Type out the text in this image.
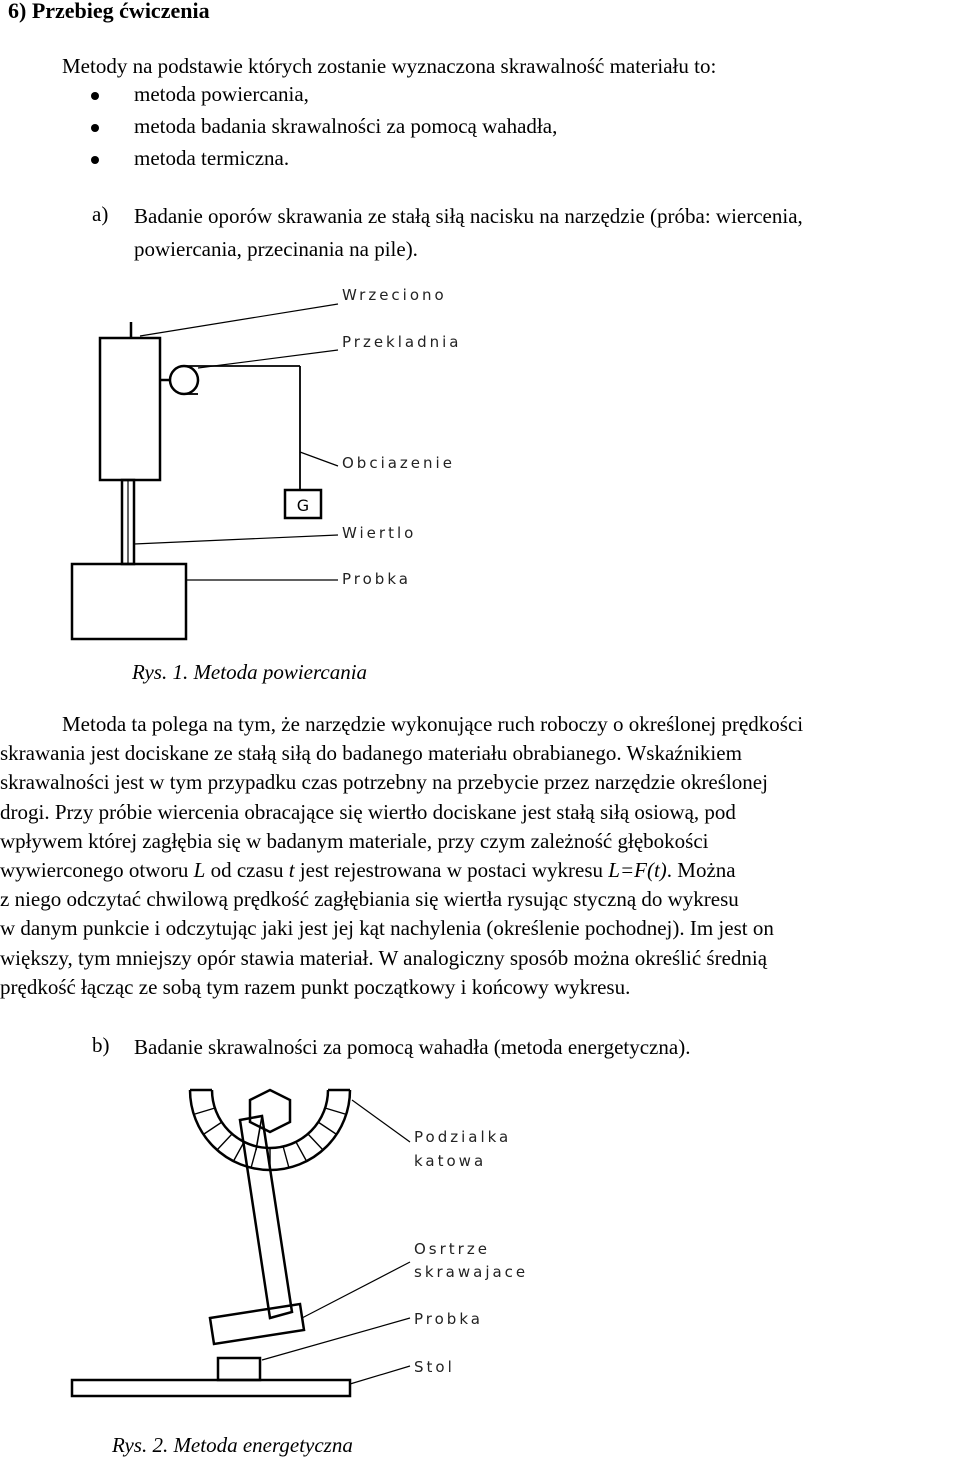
6) Przebieg ćwiczenia
Metody na podstawie których zostanie wyznaczona skrawalność materiału to:
metoda powiercania,
metoda badania skrawalności za pomocą wahadła,
metoda termiczna.
a) Badanie oporów skrawania ze stałą siłą nacisku na narzędzie (próba: wiercenia,
powiercania, przecinania na pile).
G
Wrzeciono
Przekladnia
Obciazenie
Wiertlo
Probka
Rys. 1. Metoda powiercania

Metoda ta polega na tym, że narzędzie wykonujące ruch roboczy o określonej prędkości

skrawania jest dociskane ze stałą siłą do badanego materiału obrabianego. Wskaźnikiem

skrawalności jest w tym przypadku czas potrzebny na przebycie przez narzędzie określonej

drogi. Przy próbie wiercenia obracające się wiertło dociskane jest stałą siłą osiową, pod

wpływem której zagłębia się w badanym materiale, przy czym zależność głębokości

wywierconego otworu L od czasu t jest rejestrowana w postaci wykresu L=F(t). Można

z niego odczytać chwilową prędkość zagłębiania się wiertła rysując styczną do wykresu

w danym punkcie i odczytując jaki jest jej kąt nachylenia (określenie pochodnej). Im jest on

większy, tym mniejszy opór stawia materiał. W analogiczny sposób można określić średnią

prędkość łącząc ze sobą tym razem punkt początkowy i końcowy wykresu.

b) Badanie skrawalności za pomocą wahadła (metoda energetyczna).
Podzialka
katowa
Osrtrze
skrawajace
Probka
Stol
Rys. 2. Metoda energetyczna
